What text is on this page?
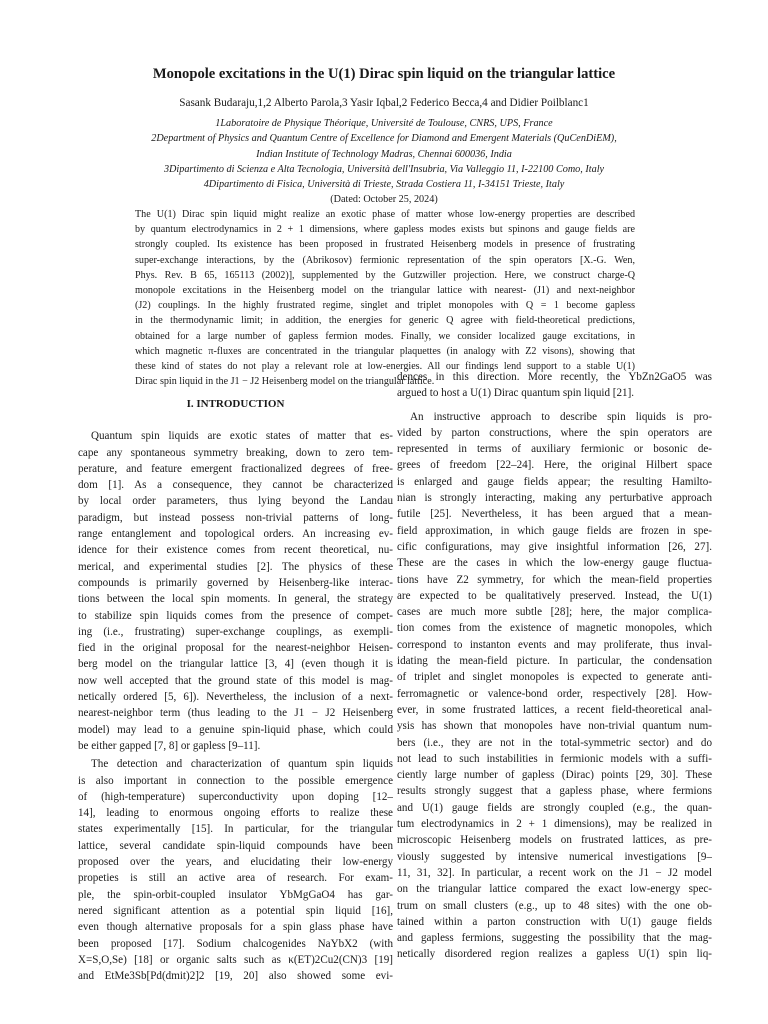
Monopole excitations in the U(1) Dirac spin liquid on the triangular lattice
Sasank Budaraju,1,2 Alberto Parola,3 Yasir Iqbal,2 Federico Becca,4 and Didier Poilblanc1
1Laboratoire de Physique Théorique, Université de Toulouse, CNRS, UPS, France
2Department of Physics and Quantum Centre of Excellence for Diamond and Emergent Materials (QuCenDiEM),
Indian Institute of Technology Madras, Chennai 600036, India
3Dipartimento di Scienza e Alta Tecnologia, Università dell'Insubria, Via Valleggio 11, I-22100 Como, Italy
4Dipartimento di Fisica, Università di Trieste, Strada Costiera 11, I-34151 Trieste, Italy
(Dated: October 25, 2024)
The U(1) Dirac spin liquid might realize an exotic phase of matter whose low-energy properties are described
by quantum electrodynamics in 2 + 1 dimensions, where gapless modes exists but spinons and gauge fields are
strongly coupled. Its existence has been proposed in frustrated Heisenberg models in presence of frustrating
super-exchange interactions, by the (Abrikosov) fermionic representation of the spin operators [X.-G. Wen,
Phys. Rev. B 65, 165113 (2002)], supplemented by the Gutzwiller projection. Here, we construct charge-Q
monopole excitations in the Heisenberg model on the triangular lattice with nearest- (J1) and next-neighbor
(J2) couplings. In the highly frustrated regime, singlet and triplet monopoles with Q = 1 become gapless
in the thermodynamic limit; in addition, the energies for generic Q agree with field-theoretical predictions,
obtained for a large number of gapless fermion modes. Finally, we consider localized gauge excitations, in
which magnetic π-fluxes are concentrated in the triangular plaquettes (in analogy with Z2 visons), showing that
these kind of states do not play a relevant role at low-energies. All our findings lend support to a stable U(1)
Dirac spin liquid in the J1 − J2 Heisenberg model on the triangular lattice.
I. INTRODUCTION
Quantum spin liquids are exotic states of matter that es-
cape any spontaneous symmetry breaking, down to zero tem-
perature, and feature emergent fractionalized degrees of free-
dom [1]. As a consequence, they cannot be characterized
by local order parameters, thus lying beyond the Landau
paradigm, but instead possess non-trivial patterns of long-
range entanglement and topological orders. An increasing ev-
idence for their existence comes from recent theoretical, nu-
merical, and experimental studies [2]. The physics of these
compounds is primarily governed by Heisenberg-like interac-
tions between the local spin moments. In general, the strategy
to stabilize spin liquids comes from the presence of compet-
ing (i.e., frustrating) super-exchange couplings, as exempli-
fied in the original proposal for the nearest-neighbor Heisen-
berg model on the triangular lattice [3, 4] (even though it is
now well accepted that the ground state of this model is mag-
netically ordered [5, 6]). Nevertheless, the inclusion of a next-
nearest-neighbor term (thus leading to the J1 − J2 Heisenberg
model) may lead to a genuine spin-liquid phase, which could
be either gapped [7, 8] or gapless [9–11].
The detection and characterization of quantum spin liquids
is also important in connection to the possible emergence
of (high-temperature) superconductivity upon doping [12–
14], leading to enormous ongoing efforts to realize these
states experimentally [15]. In particular, for the triangular
lattice, several candidate spin-liquid compounds have been
proposed over the years, and elucidating their low-energy
propeties is still an active area of research. For exam-
ple, the spin-orbit-coupled insulator YbMgGaO4 has gar-
nered significant attention as a potential spin liquid [16],
even though alternative proposals for a spin glass phase have
been proposed [17]. Sodium chalcogenides NaYbX2 (with
X=S,O,Se) [18] or organic salts such as κ(ET)2Cu2(CN)3 [19]
and EtMe3Sb[Pd(dmit)2]2 [19, 20] also showed some evi-
dences in this direction. More recently, the YbZn2GaO5 was
argued to host a U(1) Dirac quantum spin liquid [21].
An instructive approach to describe spin liquids is pro-
vided by parton constructions, where the spin operators are
represented in terms of auxiliary fermionic or bosonic de-
grees of freedom [22–24]. Here, the original Hilbert space
is enlarged and gauge fields appear; the resulting Hamilto-
nian is strongly interacting, making any perturbative approach
futile [25]. Nevertheless, it has been argued that a mean-
field approximation, in which gauge fields are frozen in spe-
cific configurations, may give insightful information [26, 27].
These are the cases in which the low-energy gauge fluctua-
tions have Z2 symmetry, for which the mean-field properties
are expected to be qualitatively preserved. Instead, the U(1)
cases are much more subtle [28]; here, the major complica-
tion comes from the existence of magnetic monopoles, which
correspond to instanton events and may proliferate, thus inval-
idating the mean-field picture. In particular, the condensation
of triplet and singlet monopoles is expected to generate anti-
ferromagnetic or valence-bond order, respectively [28]. How-
ever, in some frustrated lattices, a recent field-theoretical anal-
ysis has shown that monopoles have non-trivial quantum num-
bers (i.e., they are not in the total-symmetric sector) and do
not lead to such instabilities in fermionic models with a suffi-
ciently large number of gapless (Dirac) points [29, 30]. These
results strongly suggest that a gapless phase, where fermions
and U(1) gauge fields are strongly coupled (e.g., the quan-
tum electrodynamics in 2 + 1 dimensions), may be realized in
microscopic Heisenberg models on frustrated lattices, as pre-
viously suggested by intensive numerical investigations [9–
11, 31, 32]. In particular, a recent work on the J1 − J2 model
on the triangular lattice compared the exact low-energy spec-
trum on small clusters (e.g., up to 48 sites) with the one ob-
tained within a parton construction with U(1) gauge fields
and gapless fermions, suggesting the possibility that the mag-
netically disordered region realizes a gapless U(1) spin liq-
